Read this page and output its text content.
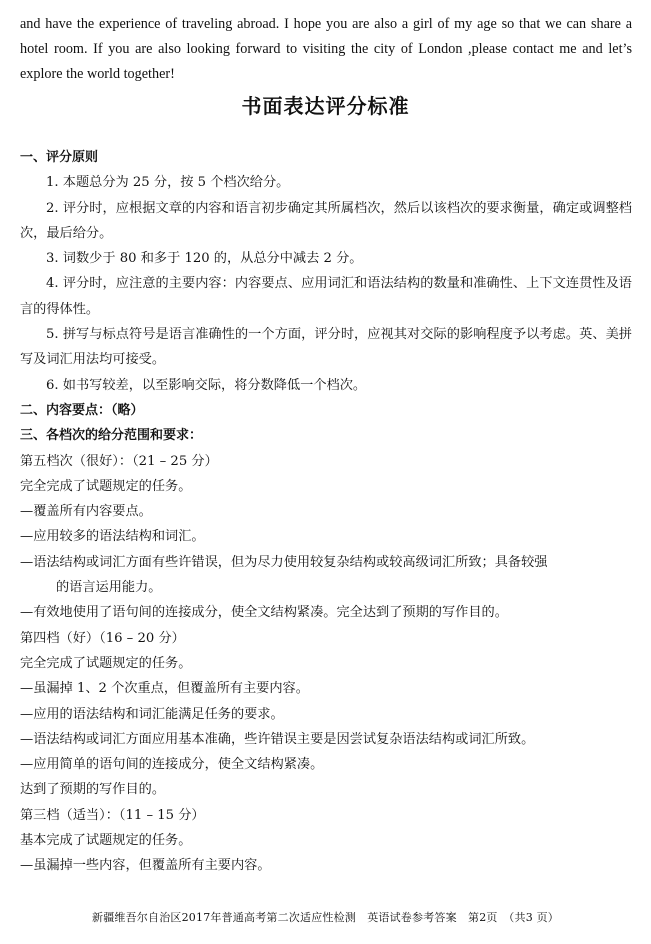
and have the experience of traveling abroad. I hope you are also a girl of my age so that we can share a hotel room. If you are also looking forward to visiting the city of London ,please contact me and let’s explore the world together!
书面表达评分标准
一、评分原则
1. 本题总分为 25 分，按 5 个档次给分。
2. 评分时，应根据文章的内容和语言初步确定其所属档次，然后以该档次的要求衡量，确定或调整档次，最后给分。
3. 词数少于 80 和多于 120 的，从总分中减去 2 分。
4. 评分时，应注意的主要内容：内容要点、应用词汇和语法结构的数量和准确性、上下文连贯性及语言的得体性。
5. 拼写与标点符号是语言准确性的一个方面，评分时，应视其对交际的影响程度予以考虑。英、美拼写及词汇用法均可接受。
6. 如书写较差，以至影响交际，将分数降低一个档次。
二、内容要点：（略）
三、各档次的给分范围和要求：
第五档次（很好）：（21 – 25 分）
完全完成了试题规定的任务。
—覆盖所有内容要点。
—应用较多的语法结构和词汇。
—语法结构或词汇方面有些许错误，但为尽力使用较复杂结构或较高级词汇所致；具备较强
的语言运用能力。
—有效地使用了语句间的连接成分，使全文结构紧凑。完全达到了预期的写作目的。
第四档（好）（16 – 20 分）
完全完成了试题规定的任务。
—虽漏掉 1、2 个次重点，但覆盖所有主要内容。
—应用的语法结构和词汇能满足任务的要求。
—语法结构或词汇方面应用基本准确，些许错误主要是因尝试复杂语法结构或词汇所致。
—应用简单的语句间的连接成分，使全文结构紧凑。
达到了预期的写作目的。
第三档（适当）：（11 – 15 分）
基本完成了试题规定的任务。
—虽漏掉一些内容，但覆盖所有主要内容。
新疆维吾尔自治区2017年普通高考第二次适应性检测　英语试卷参考答案　第2页　（共3 页）
